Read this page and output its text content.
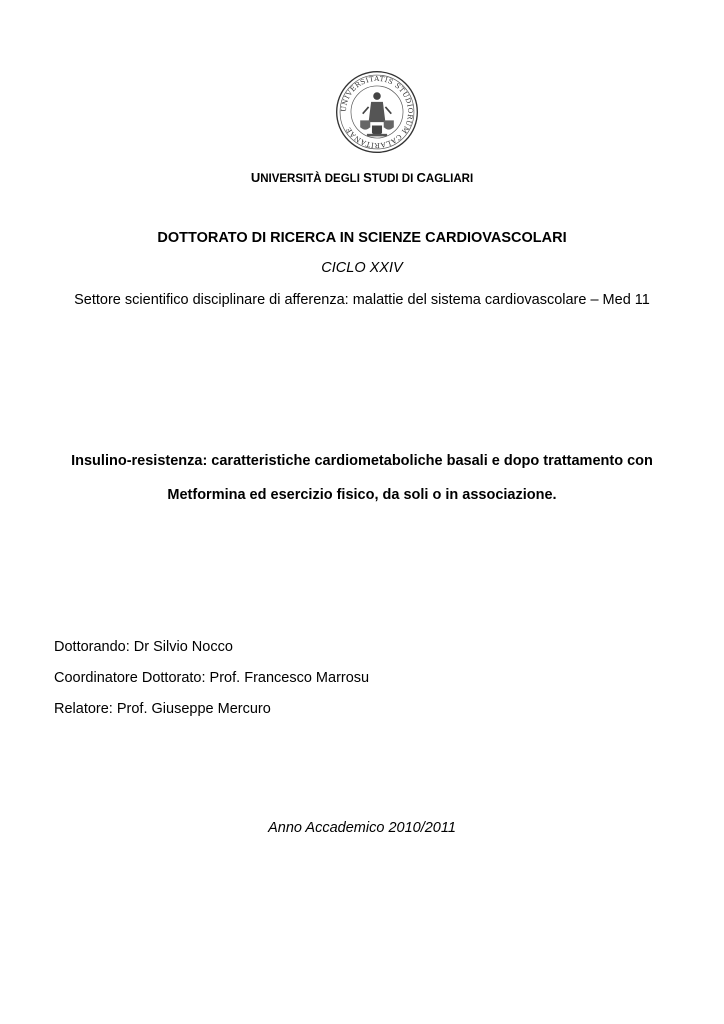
UNIVERSITATIS STUDIORUM CALARITANAE
UNIVERSITÀ DEGLI STUDI DI CAGLIARI
DOTTORATO DI RICERCA IN SCIENZE CARDIOVASCOLARI
CICLO XXIV
Settore scientifico disciplinare di afferenza: malattie del sistema cardiovascolare – Med 11
Insulino-resistenza: caratteristiche cardiometaboliche basali e dopo trattamento con
Metformina ed esercizio fisico, da soli o in associazione.
Dottorando: Dr Silvio Nocco
Coordinatore Dottorato: Prof. Francesco Marrosu
Relatore: Prof. Giuseppe Mercuro
Anno Accademico 2010/2011
